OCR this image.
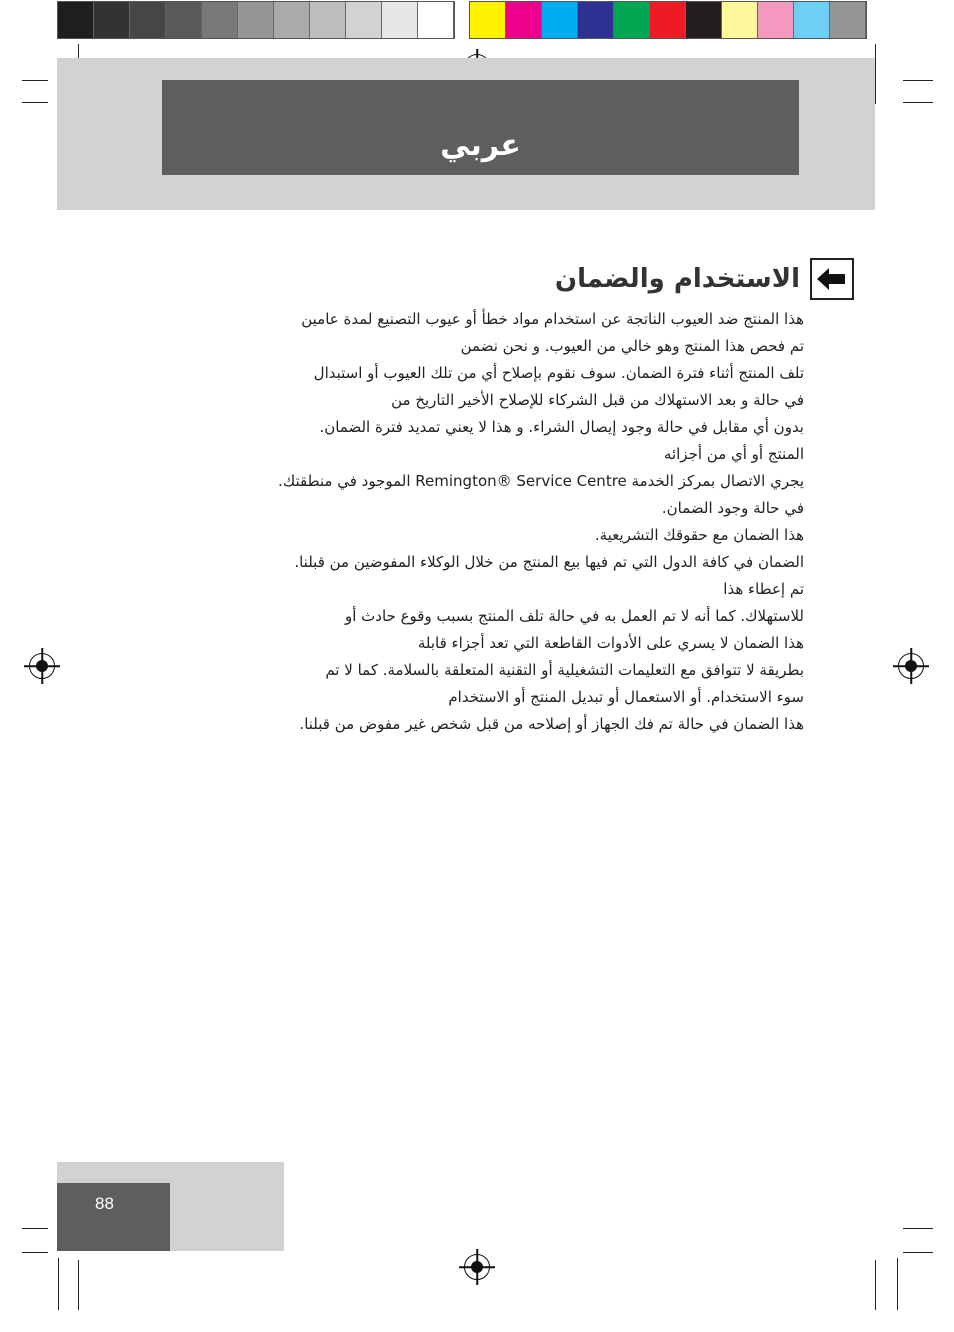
عربي
الاستخدام والضمان

هذا المنتج ضد العيوب الناتجة عن استخدام مواد خطأ أو عيوب التصنيع لمدة عامين

تم فحص هذا المنتج وهو خالي من العيوب. و نحن نضمن

تلف المنتج أثناء فترة الضمان. سوف نقوم بإصلاح أي من تلك العيوب أو استبدال

في حالة و بعد الاستهلاك من قبل الشركاء للإصلاح الأخير التاريخ من

بدون أي مقابل في حالة وجود إيصال الشراء. و هذا لا يعني تمديد فترة الضمان.

المنتج أو أي من أجزائه

يجري الاتصال بمركز الخدمة Remington® Service Centre الموجود في منطقتك.

في حالة وجود الضمان.

هذا الضمان مع حقوقك التشريعية.

الضمان في كافة الدول التي تم فيها بيع المنتج من خلال الوكلاء المفوضين من قبلنا.

تم إعطاء هذا

للاستهلاك. كما أنه لا تم العمل به في حالة تلف المنتج بسبب وقوع حادث أو

هذا الضمان لا يسري على الأدوات القاطعة التي تعد أجزاء قابلة

بطريقة لا تتوافق مع التعليمات التشغيلية أو التقنية المتعلقة بالسلامة. كما لا تم

سوء الاستخدام. أو الاستعمال أو تبديل المنتج أو الاستخدام

هذا الضمان في حالة تم فك الجهاز أو إصلاحه من قبل شخص غير مفوض من قبلنا.

88
